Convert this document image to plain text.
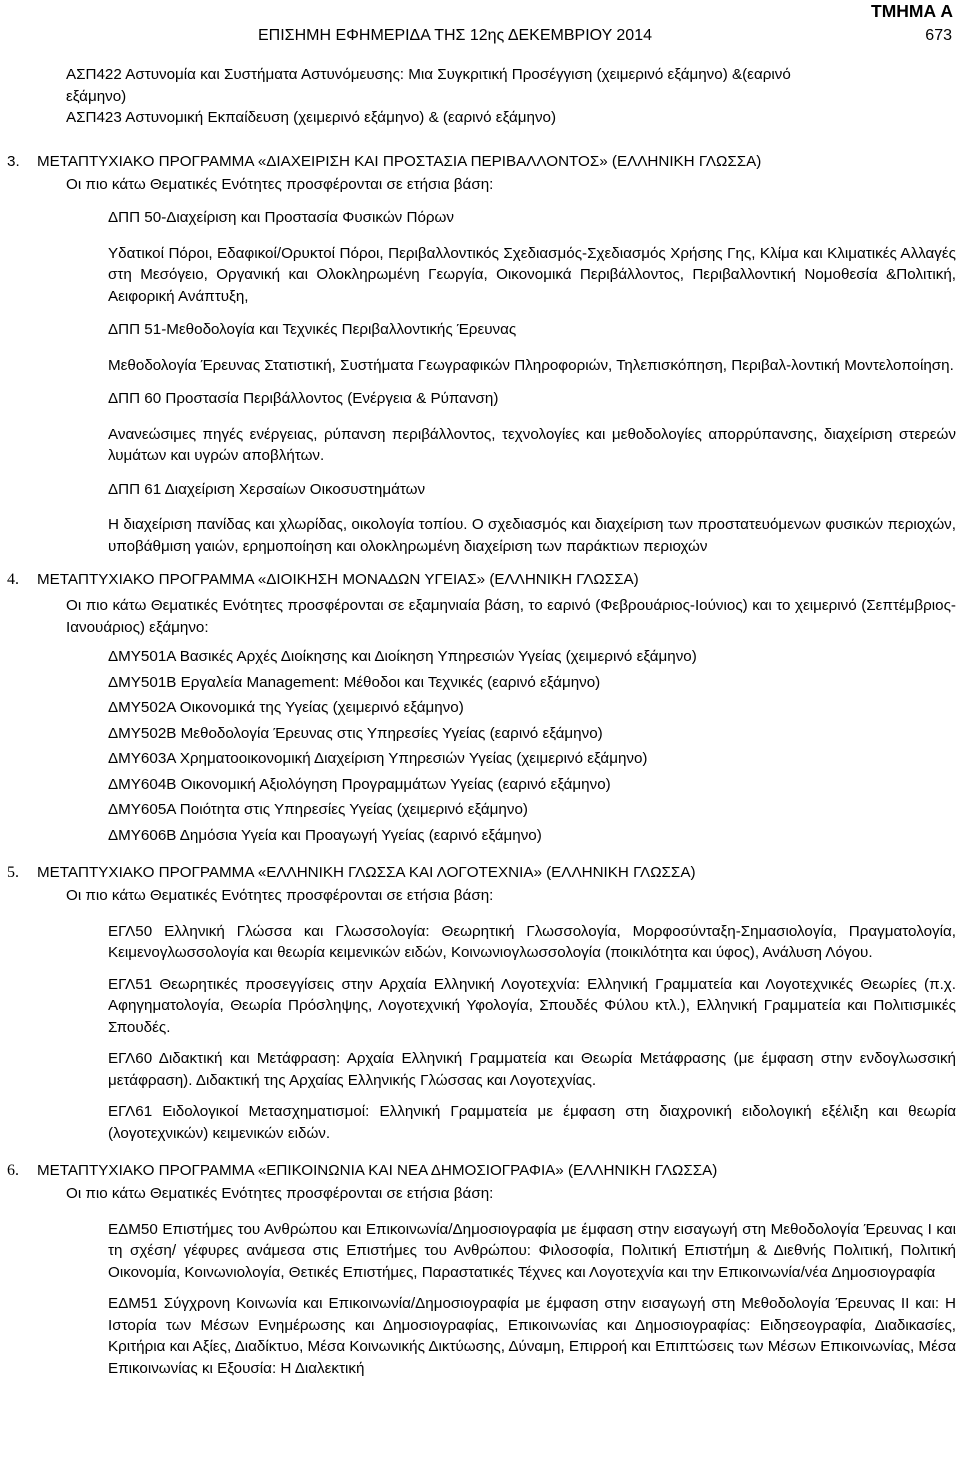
ΤΜΗΜΑ Α
ΕΠΙΣΗΜΗ ΕΦΗΜΕΡΙΔΑ ΤΗΣ 12ης ΔΕΚΕΜΒΡΙΟΥ 2014	673

ΑΣΠ422 Αστυνομία και Συστήματα Αστυνόμευσης: Μια Συγκριτική Προσέγγιση (χειμερινό εξάμηνο) &(εαρινό

εξάμηνο)

ΑΣΠ423 Αστυνομική Εκπαίδευση (χειμερινό εξάμηνο) & (εαρινό εξάμηνο)

3. ΜΕΤΑΠΤΥΧΙΑΚΟ ΠΡΟΓΡΑΜΜΑ «ΔΙΑΧΕΙΡΙΣΗ ΚΑΙ ΠΡΟΣΤΑΣΙΑ ΠΕΡΙΒΑΛΛΟΝΤΟΣ» (ΕΛΛΗΝΙΚΗ ΓΛΩΣΣΑ)
Οι πιο κάτω Θεματικές Ενότητες προσφέρονται σε ετήσια βάση:
ΔΠΠ 50-Διαχείριση και Προστασία Φυσικών Πόρων
Υδατικοί Πόροι, Εδαφικοί/Ορυκτοί Πόροι, Περιβαλλοντικός Σχεδιασμός-Σχεδιασμός Χρήσης Γης, Κλίμα και Κλιματικές Αλλαγές στη Μεσόγειο, Οργανική και Ολοκληρωμένη Γεωργία, Οικονομικά Περιβάλλοντος, Περιβαλλοντική Νομοθεσία &Πολιτική, Αειφορική Ανάπτυξη,
ΔΠΠ 51-Μεθοδολογία και Τεχνικές Περιβαλλοντικής Έρευνας
Μεθοδολογία Έρευνας Στατιστική, Συστήματα Γεωγραφικών Πληροφοριών, Τηλεπισκόπηση, Περιβαλ-λοντική Μοντελοποίηση.
ΔΠΠ 60 Προστασία Περιβάλλοντος (Ενέργεια & Ρύπανση)
Ανανεώσιμες πηγές ενέργειας, ρύπανση περιβάλλοντος, τεχνολογίες και μεθοδολογίες απορρύπανσης, διαχείριση στερεών λυμάτων και υγρών αποβλήτων.
ΔΠΠ 61 Διαχείριση Χερσαίων Οικοσυστημάτων
Η διαχείριση πανίδας και χλωρίδας, οικολογία τοπίου. Ο σχεδιασμός και διαχείριση των προστατευόμενων φυσικών περιοχών, υποβάθμιση γαιών, ερημοποίηση και ολοκληρωμένη διαχείριση των παράκτιων περιοχών
4. ΜΕΤΑΠΤΥΧΙΑΚΟ ΠΡΟΓΡΑΜΜΑ «ΔΙΟΙΚΗΣΗ ΜΟΝΑΔΩΝ ΥΓΕΙΑΣ» (ΕΛΛΗΝΙΚΗ ΓΛΩΣΣΑ)
Οι πιο κάτω Θεματικές Ενότητες προσφέρονται σε εξαμηνιαία βάση, το εαρινό (Φεβρουάριος-Ιούνιος) και το χειμερινό (Σεπτέμβριος-Ιανουάριος) εξάμηνο:
ΔΜΥ501Α Βασικές Αρχές Διοίκησης και Διοίκηση Υπηρεσιών Υγείας (χειμερινό εξάμηνο)
ΔΜΥ501Β Εργαλεία Management: Μέθοδοι και Τεχνικές (εαρινό εξάμηνο)
ΔΜΥ502Α Οικονομικά της Υγείας (χειμερινό εξάμηνο)
ΔΜΥ502Β Μεθοδολογία Έρευνας στις Υπηρεσίες Υγείας (εαρινό εξάμηνο)
ΔΜΥ603Α Χρηματοοικονομική Διαχείριση Υπηρεσιών Υγείας (χειμερινό εξάμηνο)
ΔΜΥ604Β Οικονομική Αξιολόγηση Προγραμμάτων Υγείας (εαρινό εξάμηνο)
ΔΜΥ605Α Ποιότητα στις Υπηρεσίες Υγείας (χειμερινό εξάμηνο)
ΔΜΥ606Β Δημόσια Υγεία και Προαγωγή Υγείας (εαρινό εξάμηνο)
5. ΜΕΤΑΠΤΥΧΙΑΚΟ ΠΡΟΓΡΑΜΜΑ «ΕΛΛΗΝΙΚΗ ΓΛΩΣΣΑ ΚΑΙ ΛΟΓΟΤΕΧΝΙΑ» (ΕΛΛΗΝΙΚΗ ΓΛΩΣΣΑ)
Οι πιο κάτω Θεματικές Ενότητες προσφέρονται σε ετήσια βάση:
ΕΓΛ50 Ελληνική Γλώσσα και Γλωσσολογία: Θεωρητική Γλωσσολογία, Μορφοσύνταξη-Σημασιολογία, Πραγματολογία, Κειμενογλωσσολογία και θεωρία κειμενικών ειδών, Κοινωνιογλωσσολογία (ποικιλότητα και ύφος), Ανάλυση Λόγου.
ΕΓΛ51 Θεωρητικές προσεγγίσεις στην Αρχαία Ελληνική Λογοτεχνία: Ελληνική Γραμματεία και Λογοτεχνικές Θεωρίες (π.χ. Αφηγηματολογία, Θεωρία Πρόσληψης, Λογοτεχνική Υφολογία, Σπουδές Φύλου κτλ.), Ελληνική Γραμματεία και Πολιτισμικές Σπουδές.
ΕΓΛ60 Διδακτική και Μετάφραση: Αρχαία Ελληνική Γραμματεία και Θεωρία Μετάφρασης (με έμφαση στην ενδογλωσσική μετάφραση). Διδακτική της Αρχαίας Ελληνικής Γλώσσας και Λογοτεχνίας.
ΕΓΛ61 Ειδολογικοί Μετασχηματισμοί: Ελληνική Γραμματεία με έμφαση στη διαχρονική ειδολογική εξέλιξη και θεωρία (λογοτεχνικών) κειμενικών ειδών.
6. ΜΕΤΑΠΤΥΧΙΑΚΟ ΠΡΟΓΡΑΜΜΑ «ΕΠΙΚΟΙΝΩΝΙΑ ΚΑΙ ΝΕΑ ΔΗΜΟΣΙΟΓΡΑΦΙΑ» (ΕΛΛΗΝΙΚΗ ΓΛΩΣΣΑ)
Οι πιο κάτω Θεματικές Ενότητες προσφέρονται σε ετήσια βάση:
ΕΔΜ50 Επιστήμες του Ανθρώπου και Επικοινωνία/Δημοσιογραφία με έμφαση στην εισαγωγή στη Μεθοδολογία Έρευνας Ι και τη σχέση/ γέφυρες ανάμεσα στις Επιστήμες του Ανθρώπου: Φιλοσοφία, Πολιτική Επιστήμη & Διεθνής Πολιτική, Πολιτική Οικονομία, Κοινωνιολογία, Θετικές Επιστήμες, Παραστατικές Τέχνες και Λογοτεχνία και την Επικοινωνία/νέα Δημοσιογραφία
ΕΔΜ51 Σύγχρονη Κοινωνία και Επικοινωνία/Δημοσιογραφία με έμφαση στην εισαγωγή στη Μεθοδολογία Έρευνας ΙΙ και: Η Ιστορία των Μέσων Ενημέρωσης και Δημοσιογραφίας, Επικοινωνίας και Δημοσιογραφίας: Ειδησεογραφία, Διαδικασίες, Κριτήρια και Αξίες, Διαδίκτυο, Μέσα Κοινωνικής Δικτύωσης, Δύναμη, Επιρροή και Επιπτώσεις των Μέσων Επικοινωνίας, Μέσα Επικοινωνίας κι Εξουσία: Η Διαλεκτική
